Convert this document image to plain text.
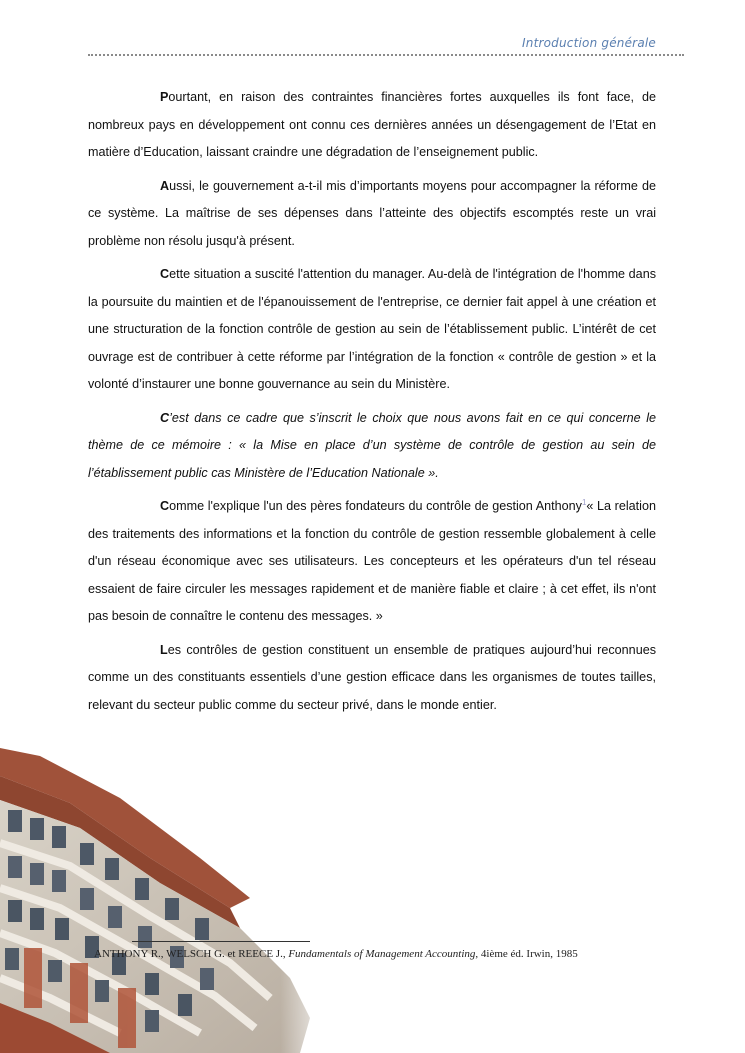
Introduction générale

Pourtant, en raison des contraintes financières fortes auxquelles ils font face, de nombreux pays en développement ont connu ces dernières années un désengagement de l’Etat en matière d’Education, laissant craindre une dégradation de l’enseignement public.

Aussi, le gouvernement a-t-il mis d’importants moyens pour accompagner la réforme de ce système. La maîtrise de ses dépenses dans l’atteinte des objectifs escomptés reste un vrai problème non résolu jusqu'à présent.

Cette situation a suscité l'attention du manager. Au-delà de l'intégration de l'homme dans la poursuite du maintien et de l'épanouissement de l'entreprise, ce dernier fait appel à une création et une structuration de la fonction contrôle de gestion au sein de l’établissement public. L’intérêt de cet ouvrage est de contribuer à cette réforme par l’intégration de la fonction « contrôle de gestion » et la volonté d’instaurer une bonne gouvernance au sein du Ministère.

C’est dans ce cadre que s’inscrit le choix que nous avons fait en ce qui concerne le thème de ce mémoire : « la Mise en place d’un système de contrôle de gestion au sein de l’établissement public cas Ministère de l’Education Nationale ».

Comme l'explique l'un des pères fondateurs du contrôle de gestion Anthony$^1$« La relation des traitements des informations et la fonction du contrôle de gestion ressemble globalement à celle d'un réseau économique avec ses utilisateurs. Les concepteurs et les opérateurs d'un tel réseau essaient de faire circuler les messages rapidement et de manière fiable et claire ; à cet effet, ils n'ont pas besoin de connaître le contenu des messages. »

Les contrôles de gestion constituent un ensemble de pratiques aujourd’hui reconnues comme un des constituants essentiels d’une gestion efficace dans les organismes de toutes tailles, relevant du secteur public comme du secteur privé, dans le monde entier.

ANTHONY R., WELSCH G. et REECE J., Fundamentals of Management Accounting, 4ième éd. Irwin, 1985
